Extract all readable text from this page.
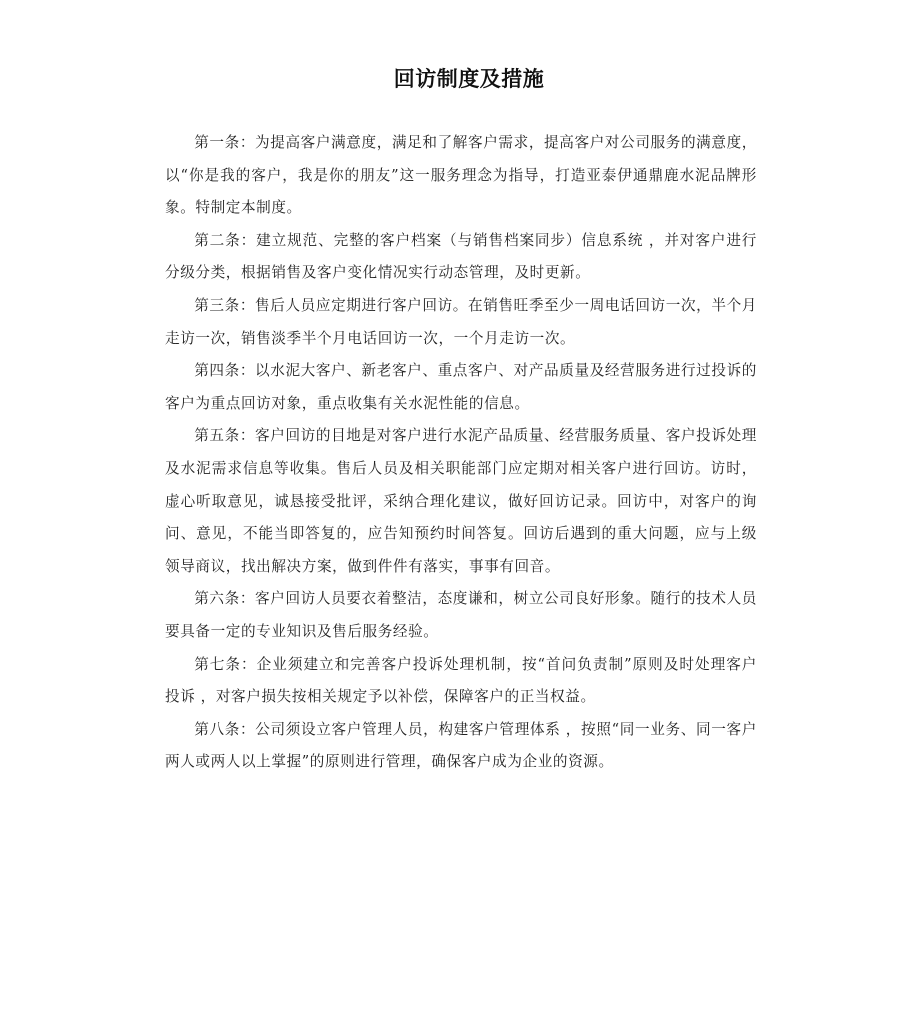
回访制度及措施

第一条：为提高客户满意度，满足和了解客户需求，提高客户对公司服务的满意度，以“你是我的客户，我是你的朋友”这一服务理念为指导，打造亚泰伊通鼎鹿水泥品牌形象。特制定本制度。

第二条：建立规范、完整的客户档案（与销售档案同步）信息系统 ，并对客户进行分级分类，根据销售及客户变化情况实行动态管理，及时更新。

第三条：售后人员应定期进行客户回访。在销售旺季至少一周电话回访一次，半个月走访一次，销售淡季半个月电话回访一次，一个月走访一次。

第四条：以水泥大客户、新老客户、重点客户、对产品质量及经营服务进行过投诉的客户为重点回访对象，重点收集有关水泥性能的信息。

第五条：客户回访的目地是对客户进行水泥产品质量、经营服务质量、客户投诉处理及水泥需求信息等收集。售后人员及相关职能部门应定期对相关客户进行回访。访时，虚心听取意见，诚恳接受批评，采纳合理化建议，做好回访记录。回访中，对客户的询问、意见，不能当即答复的，应告知预约时间答复。回访后遇到的重大问题，应与上级领导商议，找出解决方案，做到件件有落实，事事有回音。

第六条：客户回访人员要衣着整洁，态度谦和，树立公司良好形象。随行的技术人员要具备一定的专业知识及售后服务经验。

第七条：企业须建立和完善客户投诉处理机制，按“首问负责制”原则及时处理客户投诉 ，对客户损失按相关规定予以补偿，保障客户的正当权益。

第八条：公司须设立客户管理人员，构建客户管理体系 ，按照“同一业务、同一客户两人或两人以上掌握”的原则进行管理，确保客户成为企业的资源。
